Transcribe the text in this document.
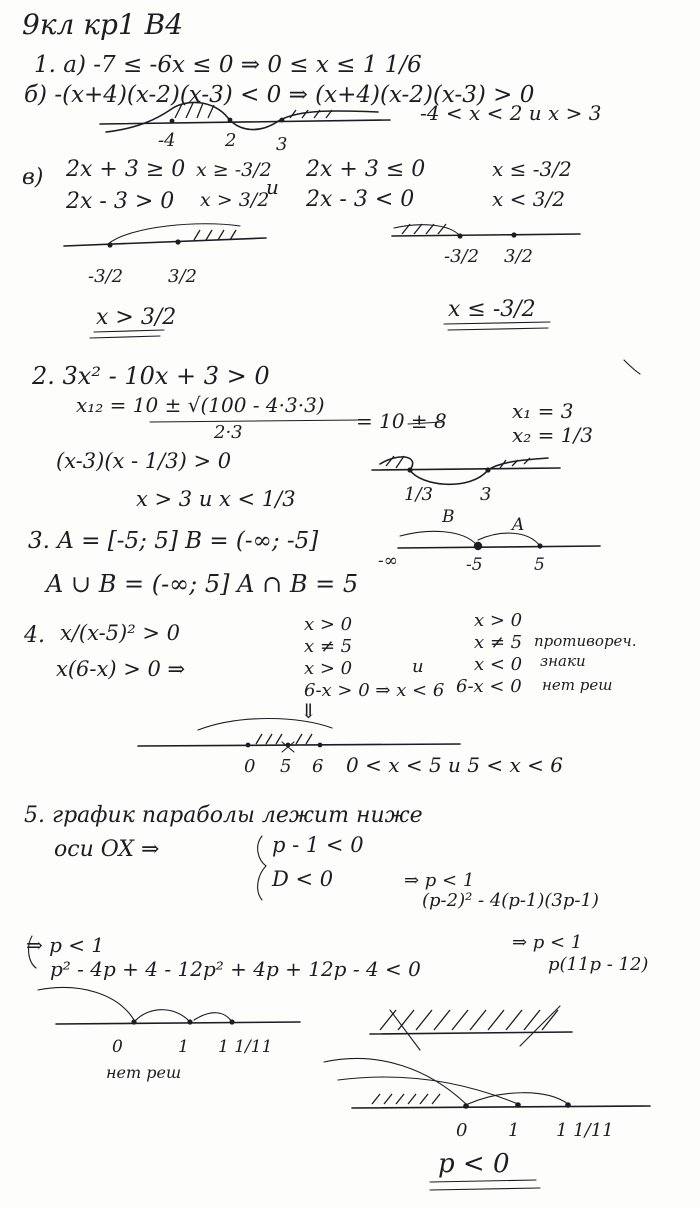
9кл кр1 В4
1. а) -7 ≤ -6x ≤ 0 ⇒ 0 ≤ x ≤ 1 1/6
б) -(x+4)(x-2)(x-3) < 0 ⇒ (x+4)(x-2)(x-3) > 0
-4 < x < 2 и x > 3
-4	2 3
в) 2x + 3 ≥ 0
2x - 3 > 0
x ≥ -3/2
x > 3/2
и
2x + 3 ≤ 0
2x - 3 < 0
x ≤ -3/2
x < 3/2
-3/2 3/2
-3/2 3/2
x > 3/2	x ≤ -3/2
2. 3x² - 10x + 3 > 0
x₁₂ = 10 ± √(100 - 4·3·3)
2·3	= 10 ± 8	x₁ = 3
x₂ = 1/3
(x-3)(x - 1/3) > 0
1/3	3
x > 3 и x < 1/3
3. A = [-5; 5] B = (-∞; -5]
A ∪ B = (-∞; 5] A ∩ B = 5
B	A
-∞	-5	5
4. x/(x-5)² > 0
x(6-x) > 0 ⇒
x > 0
x ≠ 5
x > 0
6-x > 0 ⇒ x < 6
и
x > 0
x ≠ 5
x < 0
6-x < 0
противореч.
знаки
нет реш
⇓
0 5 6 0 < x < 5 и 5 < x < 6
5. график параболы лежит ниже
оси OX ⇒	p - 1 < 0
D < 0	⇒ p < 1
(p-2)² - 4(p-1)(3p-1)
⇒ p < 1
p² - 4p + 4 - 12p² + 4p + 12p - 4 < 0
⇒ p < 1
p(11p - 12)
0	1 1 1/11
нет реш
0 1 1 1/11
p < 0
